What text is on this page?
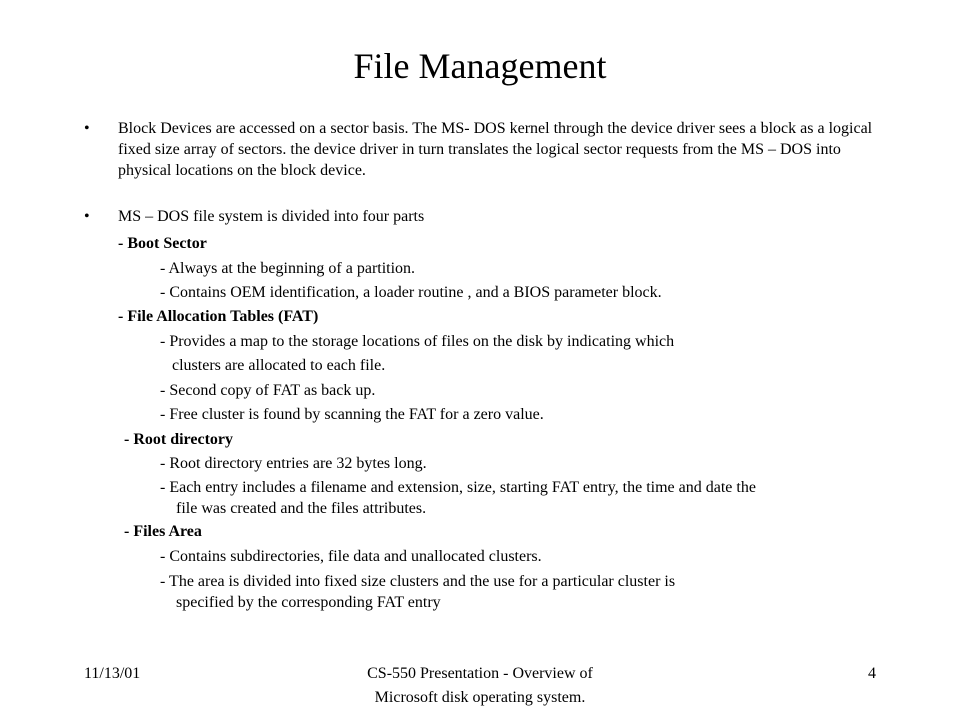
File Management
• Block Devices are accessed on a sector basis. The MS- DOS kernel through the device driver sees a block as a logical fixed size array of sectors. the device driver in turn translates the logical sector requests from the MS – DOS into physical locations on the block device.

• MS – DOS file system is divided into four parts

- Boot Sector
- Always at the beginning of a partition.
- Contains OEM identification, a loader routine , and a BIOS parameter block.
- File Allocation Tables (FAT)
- Provides a map to the storage locations of files on the disk by indicating which
clusters are allocated to each file.
- Second copy of FAT as back up.
- Free cluster is found by scanning the FAT for a zero value.
- Root directory
- Root directory entries are 32 bytes long.
- Each entry includes a filename and extension, size, starting FAT entry, the time and date the
file was created and the files attributes.
- Files Area
- Contains subdirectories, file data and unallocated clusters.
- The area is divided into fixed size clusters and the use for a particular cluster is
specified by the corresponding FAT entry
11/13/01	CS-550 Presentation - Overview of
Microsoft disk operating system.
4
